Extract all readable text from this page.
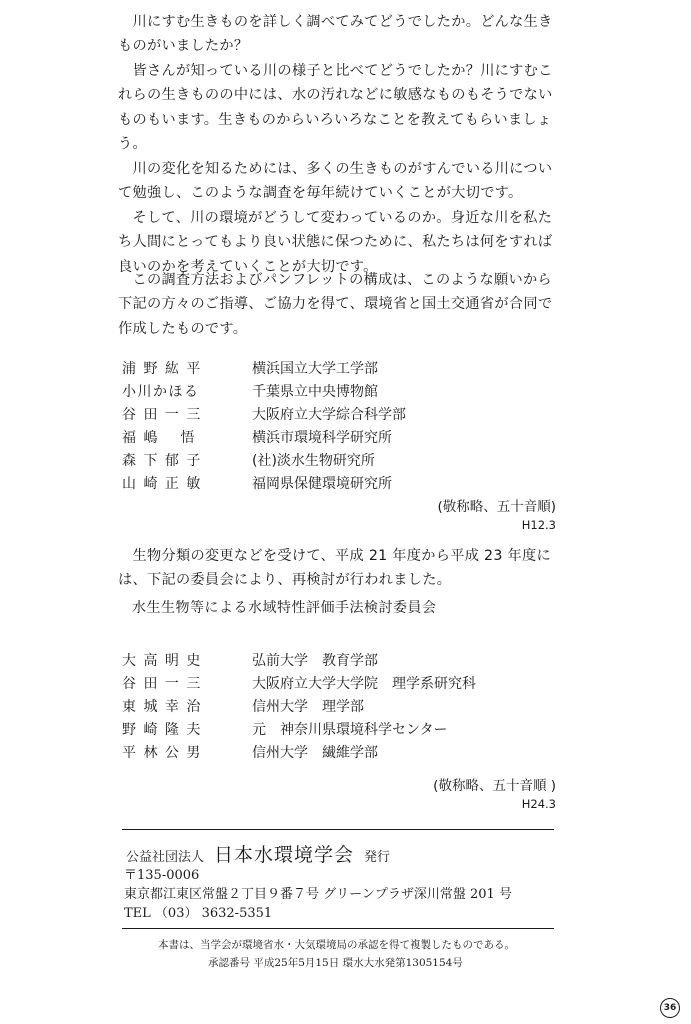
　川にすむ生きものを詳しく調べてみてどうでしたか。どんな生きものがいましたか？

　皆さんが知っている川の様子と比べてどうでしたか？川にすむこれらの生きものの中には、水の汚れなどに敏感なものもそうでないものもいます。生きものからいろいろなことを教えてもらいましょう。

　川の変化を知るためには、多くの生きものがすんでいる川について勉強し、このような調査を毎年続けていくことが大切です。

　そして、川の環境がどうして変わっているのか。身近な川を私たち人間にとってもより良い状態に保つために、私たちは何をすれば良いのかを考えていくことが大切です。

　この調査方法およびパンフレットの構成は、このような願いから下記の方々のご指導、ご協力を得て、環境省と国土交通省が合同で作成したものです。

浦 野 紘 平	横浜国立大学工学部
小川かほる	千葉県立中央博物館
谷 田 一 三	大阪府立大学綜合科学部
福 嶋　 悟	横浜市環境科学研究所
森 下 郁 子	(社)淡水生物研究所
山 崎 正 敏	福岡県保健環境研究所
(敬称略、五十音順)
H12.3

　生物分類の変更などを受けて、平成 21 年度から平成 23 年度には、下記の委員会により、再検討が行われました。

水生生物等による水域特性評価手法検討委員会
大 高 明 史	弘前大学　教育学部
谷 田 一 三	大阪府立大学大学院　理学系研究科
東 城 幸 治	信州大学　理学部
野 崎 隆 夫	元　神奈川県環境科学センター
平 林 公 男	信州大学　繊維学部
(敬称略、五十音順 )
H24.3
公益社団法人 日本水環境学会 発行
〒135-0006
東京都江東区常盤２丁目９番７号 グリーンプラザ深川常盤 201 号
TEL （03） 3632-5351
本書は、当学会が環境省水・大気環境局の承認を得て複製したものである。
承認番号 平成25年5月15日 環水大水発第1305154号
36
